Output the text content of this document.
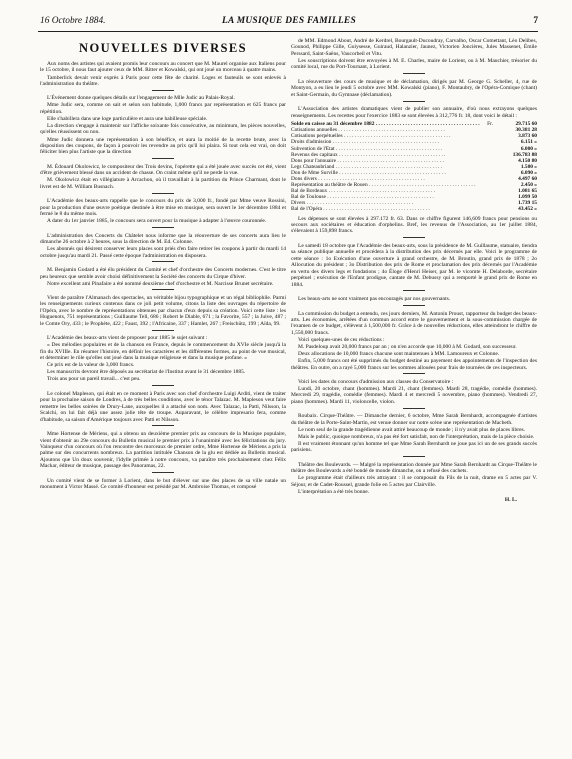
16 Octobre 1884.	LA MUSIQUE DES FAMILLES	7
NOUVELLES DIVERSES

Aux noms des artistes qui avaient promis leur concours au concert que M. Maurel organise aux Italiens pour le 15 octobre, il nous faut ajouter ceux de MM. Ritter et Kowalski, qui ont joué un morceau à quatre mains.

Tamberlick devait venir exprès à Paris pour cette fête de charité. Loges et fauteuils se sont enlevés à l'administration du théâtre.

L'Événement donne quelques détails sur l'engagement de Mlle Judic au Palais-Royal.

Mme Judic sera, comme on sait et selon son habitude, 1,000 francs par représentation et 625 francs par répétition.

Elle s'habillera dans une loge particulière et aura une habilleuse spéciale.

La direction s'engage à maintenir sur l'affiche soixante fois consécutive, au minimum, les pièces nouvelles, qu'elles réussissent ou non.

Mme Judic donnera une représentation à son bénéfice, et aura la moitié de la recette brute, avec la disposition des coupons, de façon à pouvoir les revendre au prix qu'il lui plaira. Si tout cela est vrai, on doit féliciter bien plus l'artiste que la direction

M. Édouard Okolowicz, le compositeur des Trois devins, l'opérette qui a été jouée avec succès cet été, vient d'être grièvement blessé dans un accident de chasse. On craint même qu'il ne perde la vue.

M. Okolowicz était en villégiature à Arcachon, où il travaillait à la partition du Prince Charmant, dont le livret est de M. William Busnach.

L'Académie des beaux-arts rappelle que le concours du prix de 3,000 fr., fondé par Mme veuve Rossini, pour la production d'une œuvre poétique destinée à être mise en musique, sera ouvert le 1er décembre 1884 et fermé le 8 du même mois.

A dater du 1er janvier 1885, le concours sera ouvert pour la musique à adapter à l'œuvre couronnée.

L'administration des Concerts du Châtelet nous informe que la réouverture de ses concerts aura lieu le dimanche 26 octobre à 2 heures, sous la direction de M. Ed. Colonne.

Les abonnés qui désirent conserver leurs places sont priés d'en faire retirer les coupons à partir du mardi 14 octobre jusqu'au mardi 21. Passé cette époque l'administration en disposera.

M. Benjamin Godard a été élu président du Comité et chef d'orchestre des Concerts modernes. C'est le titre peu heureux que semble avoir choisi définitivement la Société des concerts du Cirque d'hiver.

Notre excellent ami Pinafaire a été nommé deuxième chef d'orchestre et M. Narcisse Brunet secrétaire.

Vient de paraître l'Almanach des spectacles, un véritable bijou typographique et un régal bibliophile. Parmi les renseignements curieux contenus dans ce joli petit volume, citons la liste des ouvrages du répertoire de l'Opéra, avec le nombre de représentations obtenues par chacun d'eux depuis sa création. Voici cette liste : les Huguenots, 751 représentations ; Guillaume Tell, 686 ; Robert le Diable, 671 ; la Favorite, 557 ; la Juive, 487 ; le Comte Ory, 433 ; le Prophète, 422 ; Faust, 392 ; l'Africaine, 337 ; Hamlet, 267 ; Freischütz, 199 ; Aïda, 99.

L'Académie des beaux-arts vient de proposer pour 1885 le sujet suivant :

« Des mélodies populaires et de la chanson en France, depuis le commencement du XVIe siècle jusqu'à la fin du XVIIIe. En résumer l'histoire, en définir les caractères et les différentes formes, au point de vue musical, et déterminer le rôle qu'elles ont joué dans la musique religieuse et dans la musique profane. »

Ce prix est de la valeur de 3,000 francs.

Les manuscrits devront être déposés au secrétariat de l'Institut avant le 31 décembre 1885.

Trois ans pour un pareil travail... c'est peu.

Le colonel Mapleson, qui était en ce moment à Paris avec son chef d'orchestre Luigi Arditi, vient de traiter pour la prochaine saison de Londres, à de très belles conditions, avec le ténor Talazac. M. Mapleson veut faire remettre les belles soirées de Drury-Lane, auxquelles il a attaché son nom. Avec Talazac, la Patti, Nilsson, la Scalchi, on lui fait déjà une assez jolie tête de troupe. Auparavant, le célèbre impresario fera, comme d'habitude, sa saison d'Amérique toujours avec Patti et Nilsson.

Mme Hortense de Mériens, qui a obtenu un deuxième premier prix au concours de la Musique populaire, vient d'obtenir au 29e concours du Bulletin musical le premier prix à l'unanimité avec les félicitations du jury. Vainqueur d'un concours où l'on rencontre des morceaux de premier ordre, Mme Hortense de Mériens a pris la palme sur des concurrents nombreux. La partition intitulée Chanson de la glu est dédiée au Bulletin musical. Ajoutons que Un doux souvenir, l'idylle primée à notre concours, va paraître très prochainement chez Félix Mackar, éditeur de musique, passage des Panoramas, 22.

Un comité vient de se former à Lorient, dans le but d'élever sur une des places de sa ville natale un monument à Victor Massé. Ce comité d'honneur est présidé par M. Ambroise Thomas, et composé

de MM. Edmond About, André de Kerdrel, Bourgault-Ducoudray, Carvalho, Oscar Comettant, Léo Delibes, Gounod, Philippe Gille, Guiysesse, Guiraud, Halanzier, Jaunez, Victorien Joncières, Jules Massenet, Émile Perssard, Saint-Saëns, Vaucorbeil et Vitu.

Les souscriptions doivent être envoyées à M. E. Charles, maire de Lorient, ou à M. Mauchier, trésorier du comité local, rue du Port-Tournant, à Lorient.

La réouverture des cours de musique et de déclamation, dirigés par M. George G. Scheller, 4, rue de Montyon, a eu lieu le jeudi 5 octobre avec MM. Kowalski (piano), F. Montaubry, de l'Opéra-Comique (chant) et Saint-Germain, du Gymnase (déclamation).

L'Association des artistes dramatiques vient de publier son annuaire, d'où nous extrayons quelques renseignements. Les recettes pour l'exercice 1883 se sont élevées à 312,776 fr. 18, dont voici le détail :

Solde en caisse au 31 décembre 1882 . . .	Fr.	29.715 60
Cotisations annuelles . . .	30.381 28
Cotisations perpétuelles . . .	3.873 60
Droits d'admission . . .	6.151 »
Subvention de l'État . . .	6.000 »
Revenus des capitaux . . .	136.783 88
Dons pour l'annuaire . . .	4.150 80
Legs Chateaubriand . . .	1.500 »
Don de Mme Surville . . .	6.090 »
Dons divers . . .	4.497 60
Représentation au théâtre de Rouen . . .	2.450 »
Bal de Bordeaux . . .	1.081 65
Bal de Toulouse . . .	1.099 50
Divers . . .	1.739 15
Bal de l'Opéra . . .	43.452 »

Les dépenses se sont élevées à 297.172 fr. 63. Dans ce chiffre figurent 146,609 francs pour pensions ou secours aux sociétaires et éducation d'orphelins. Bref, les revenus de l'Association, au 1er juillet 1884, s'élevaient à 159,898 francs.

Le samedi 18 octobre que l'Académie des beaux-arts, sous la présidence de M. Guillaume, statuaire, tiendra sa séance publique annuelle et procédera à la distribution des prix décernés par elle. Voici le programme de cette séance : 1o Exécution d'une ouverture à grand orchestre, de M. Broutin, grand prix de 1878 ; 2o Allocution du président ; 3o Distribution des prix de Rome et proclamation des prix décernés par l'Académie en vertu des divers legs et fondations ; 4o Éloge d'Henri Heiser, par M. le vicomte H. Delaborde, secrétaire perpétuel ; exécution de l'Enfant prodigue, cantate de M. Debussy qui a remporté le grand prix de Rome en 1884.

Les beaux-arts ne sont vraiment pas encouragés par nos gouvernants.

La commission du budget a entendu, ces jours derniers, M. Antonin Proust, rapporteur du budget des beaux-arts. Les économies, arrêtées d'un commun accord entre le gouvernement et la sous-commission chargée de l'examen de ce budget, s'élèvent à 1,500,000 fr. Grâce à de nouvelles réductions, elles atteindront le chiffre de 1,550,000 francs.

Voici quelques-unes de ces réductions :

M. Pasdeloup avait 20,000 francs par an ; on n'en accorde que 10,000 à M. Godard, son successeur.

Deux allocations de 10,000 francs chacune sont maintenues à MM. Lamoureux et Colonne.

Enfin, 5,000 francs ont été supprimés du budget destiné au payement des appointements de l'inspection des théâtres. En outre, on a rayé 5,000 francs sur les sommes allouées pour frais de tournées de ces inspecteurs.

Voici les dates du concours d'admission aux classes du Conservatoire :

Lundi, 20 octobre, chant (hommes). Mardi 21, chant (femmes). Mardi 28, tragédie, comédie (hommes). Mercredi 29, tragédie, comédie (femmes). Mardi 4 et mercredi 5 novembre, piano (hommes). Vendredi 27, piano (hommes). Mardi 11, violoncelle, violon.

Roubaix. Cirque-Théâtre. — Dimanche dernier, 6 octobre, Mme Sarah Bernhardt, accompagnée d'artistes du théâtre de la Porte-Saint-Martin, est venue donner sur notre scène une représentation de Macbeth.

Le nom seul de la grande tragédienne avait attiré beaucoup de monde ; il n'y avait plus de places libres.

Mais le public, quoique nombreux, n'a pas été fort satisfait, non de l'interprétation, mais de la pièce choisie.

Il est vraiment étonnant qu'un homme tel que Mme Sarah Bernhardt ne joue pas ici un de ses grands succès parisiens.

Théâtre des Boulevards. — Malgré la représentation donnée par Mme Sarah Bernhardt au Cirque-Théâtre le théâtre des Boulevards a été bondé de monde dimanche, on a refusé des cachets.

Le programme était d'ailleurs très attrayant : il se composait du Fils de la nuit, drame en 5 actes par V. Séjour, et de Cadet-Roussel, grande folie en 5 actes par Clairville.

L'interprétation a été très bonne.

H. L.
